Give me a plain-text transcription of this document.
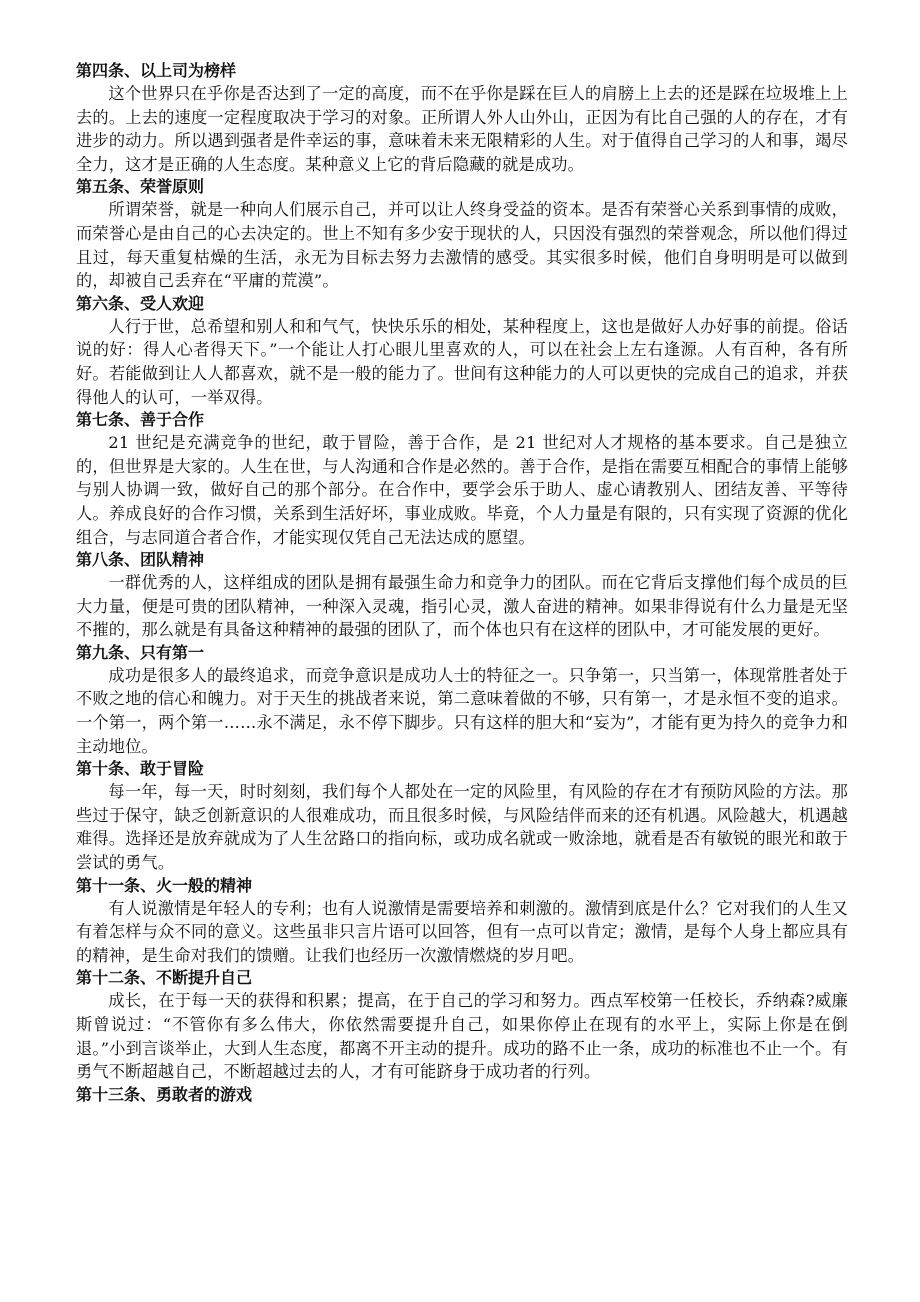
第四条、以上司为榜样

这个世界只在乎你是否达到了一定的高度，而不在乎你是踩在巨人的肩膀上上去的还是踩在垃圾堆上上去的。上去的速度一定程度取决于学习的对象。正所谓人外人山外山，正因为有比自己强的人的存在，才有进步的动力。所以遇到强者是件幸运的事，意味着未来无限精彩的人生。对于值得自己学习的人和事，竭尽全力，这才是正确的人生态度。某种意义上它的背后隐藏的就是成功。

第五条、荣誉原则

所谓荣誉，就是一种向人们展示自己，并可以让人终身受益的资本。是否有荣誉心关系到事情的成败，而荣誉心是由自己的心去决定的。世上不知有多少安于现状的人，只因没有强烈的荣誉观念，所以他们得过且过，每天重复枯燥的生活，永无为目标去努力去激情的感受。其实很多时候，他们自身明明是可以做到的，却被自己丢弃在“平庸的荒漠”。

第六条、受人欢迎

人行于世，总希望和别人和和气气，快快乐乐的相处，某种程度上，这也是做好人办好事的前提。俗话说的好：得人心者得天下。”一个能让人打心眼儿里喜欢的人，可以在社会上左右逢源。人有百种，各有所好。若能做到让人人都喜欢，就不是一般的能力了。世间有这种能力的人可以更快的完成自己的追求，并获得他人的认可，一举双得。

第七条、善于合作

21 世纪是充满竞争的世纪，敢于冒险，善于合作，是 21 世纪对人才规格的基本要求。自己是独立的，但世界是大家的。人生在世，与人沟通和合作是必然的。善于合作，是指在需要互相配合的事情上能够与别人协调一致，做好自己的那个部分。在合作中，要学会乐于助人、虚心请教别人、团结友善、平等待人。养成良好的合作习惯，关系到生活好坏，事业成败。毕竟，个人力量是有限的，只有实现了资源的优化组合，与志同道合者合作，才能实现仅凭自己无法达成的愿望。

第八条、团队精神

一群优秀的人，这样组成的团队是拥有最强生命力和竞争力的团队。而在它背后支撑他们每个成员的巨大力量，便是可贵的团队精神，一种深入灵魂，指引心灵，激人奋进的精神。如果非得说有什么力量是无坚不摧的，那么就是有具备这种精神的最强的团队了，而个体也只有在这样的团队中，才可能发展的更好。

第九条、只有第一

成功是很多人的最终追求，而竞争意识是成功人士的特征之一。只争第一，只当第一，体现常胜者处于不败之地的信心和魄力。对于天生的挑战者来说，第二意味着做的不够，只有第一，才是永恒不变的追求。一个第一，两个第一……永不满足，永不停下脚步。只有这样的胆大和“妄为”，才能有更为持久的竞争力和主动地位。

第十条、敢于冒险

每一年，每一天，时时刻刻，我们每个人都处在一定的风险里，有风险的存在才有预防风险的方法。那些过于保守，缺乏创新意识的人很难成功，而且很多时候，与风险结伴而来的还有机遇。风险越大，机遇越难得。选择还是放弃就成为了人生岔路口的指向标，或功成名就或一败涂地，就看是否有敏锐的眼光和敢于尝试的勇气。

第十一条、火一般的精神

有人说激情是年轻人的专利；也有人说激情是需要培养和刺激的。激情到底是什么？它对我们的人生又有着怎样与众不同的意义。这些虽非只言片语可以回答，但有一点可以肯定；激情，是每个人身上都应具有的精神，是生命对我们的馈赠。让我们也经历一次激情燃烧的岁月吧。

第十二条、不断提升自己

成长，在于每一天的获得和积累；提高，在于自己的学习和努力。西点军校第一任校长，乔纳森?威廉斯曾说过：“不管你有多么伟大，你依然需要提升自己，如果你停止在现有的水平上，实际上你是在倒退。”小到言谈举止，大到人生态度，都离不开主动的提升。成功的路不止一条，成功的标准也不止一个。有勇气不断超越自己，不断超越过去的人，才有可能跻身于成功者的行列。

第十三条、勇敢者的游戏
